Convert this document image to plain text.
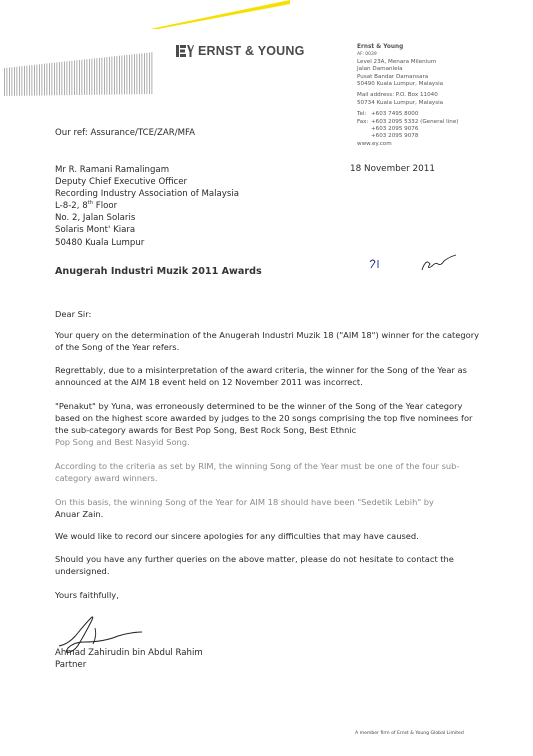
ERNST & YOUNG	Ernst & Young
AF: 0039
Level 23A, Menara Milenium
Jalan Damanlela
Pusat Bandar Damansara
50490 Kuala Lumpur, Malaysia
Mail address: P.O. Box 11040
50734 Kuala Lumpur, Malaysia
Tel: +603 7495 8000
Fax: +603 2095 5332 (General line)
+603 2095 9076
+603 2095 9078
www.ey.com
Our ref: Assurance/TCE/ZAR/MFA
Mr R. Ramani Ramalingam
Deputy Chief Executive Officer
Recording Industry Association of Malaysia
L-8-2, 8th Floor
No. 2, Jalan Solaris
Solaris Mont' Kiara
50480 Kuala Lumpur
18 November 2011
Anugerah Industri Muzik 2011 Awards
Dear Sir:
Your query on the determination of the Anugerah Industri Muzik 18 ("AIM 18") winner for the category of the Song of the Year refers.
Regrettably, due to a misinterpretation of the award criteria, the winner for the Song of the Year as announced at the AIM 18 event held on 12 November 2011 was incorrect.
"Penakut" by Yuna, was erroneously determined to be the winner of the Song of the Year category based on the highest score awarded by judges to the 20 songs comprising the top five nominees for the sub-category awards for Best Pop Song, Best Rock Song, Best Ethnic
Pop Song and Best Nasyid Song.
According to the criteria as set by RIM, the winning Song of the Year must be one of the four sub-category award winners.
On this basis, the winning Song of the Year for AIM 18 should have been "Sedetik Lebih" by
Anuar Zain.
We would like to record our sincere apologies for any difficulties that may have caused.
Should you have any further queries on the above matter, please do not hesitate to contact the undersigned.
Yours faithfully,
Ahmad Zahirudin bin Abdul Rahim
Partner
A member firm of Ernst & Young Global Limited
